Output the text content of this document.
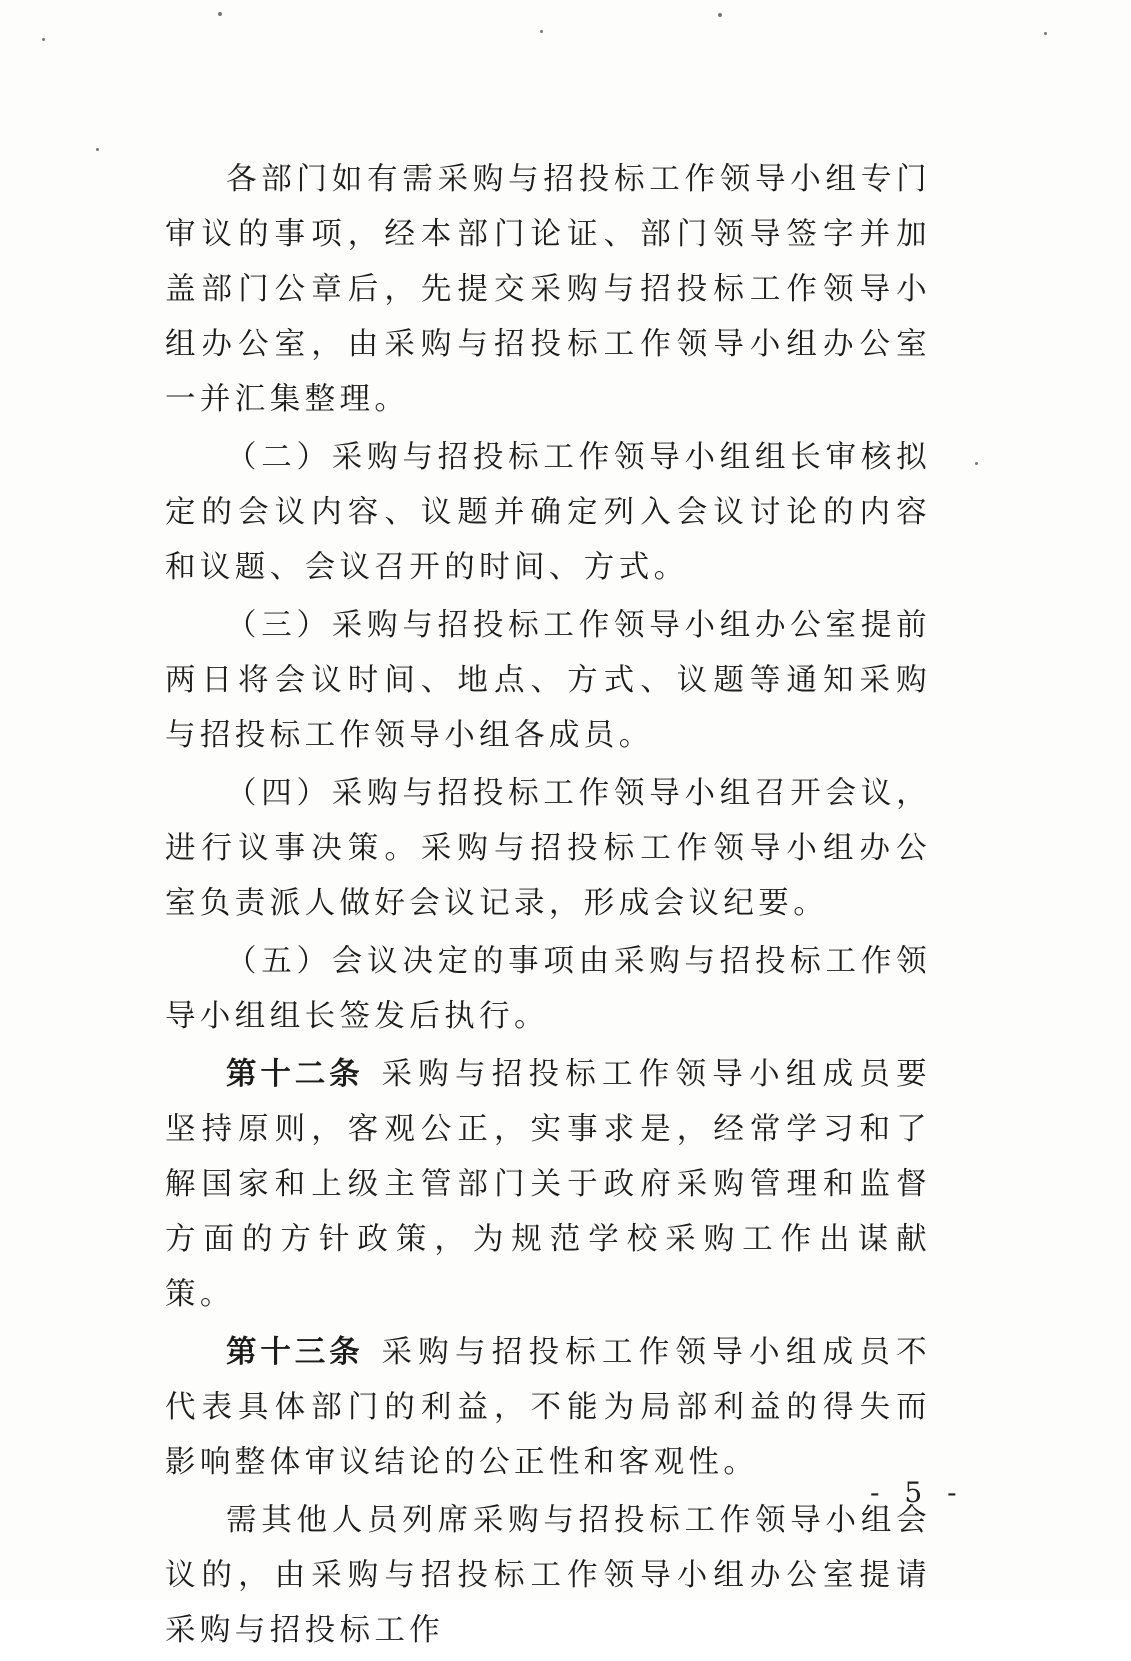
各部门如有需采购与招投标工作领导小组专门审议的事项，经本部门论证、部门领导签字并加盖部门公章后，先提交采购与招投标工作领导小组办公室，由采购与招投标工作领导小组办公室一并汇集整理。

（二）采购与招投标工作领导小组组长审核拟定的会议内容、议题并确定列入会议讨论的内容和议题、会议召开的时间、方式。

（三）采购与招投标工作领导小组办公室提前两日将会议时间、地点、方式、议题等通知采购与招投标工作领导小组各成员。

（四）采购与招投标工作领导小组召开会议，进行议事决策。采购与招投标工作领导小组办公室负责派人做好会议记录，形成会议纪要。

（五）会议决定的事项由采购与招投标工作领导小组组长签发后执行。

第十二条 采购与招投标工作领导小组成员要坚持原则，客观公正，实事求是，经常学习和了解国家和上级主管部门关于政府采购管理和监督方面的方针政策，为规范学校采购工作出谋献策。

第十三条 采购与招投标工作领导小组成员不代表具体部门的利益，不能为局部利益的得失而影响整体审议结论的公正性和客观性。

需其他人员列席采购与招投标工作领导小组会议的，由采购与招投标工作领导小组办公室提请采购与招投标工作

- 5 -
